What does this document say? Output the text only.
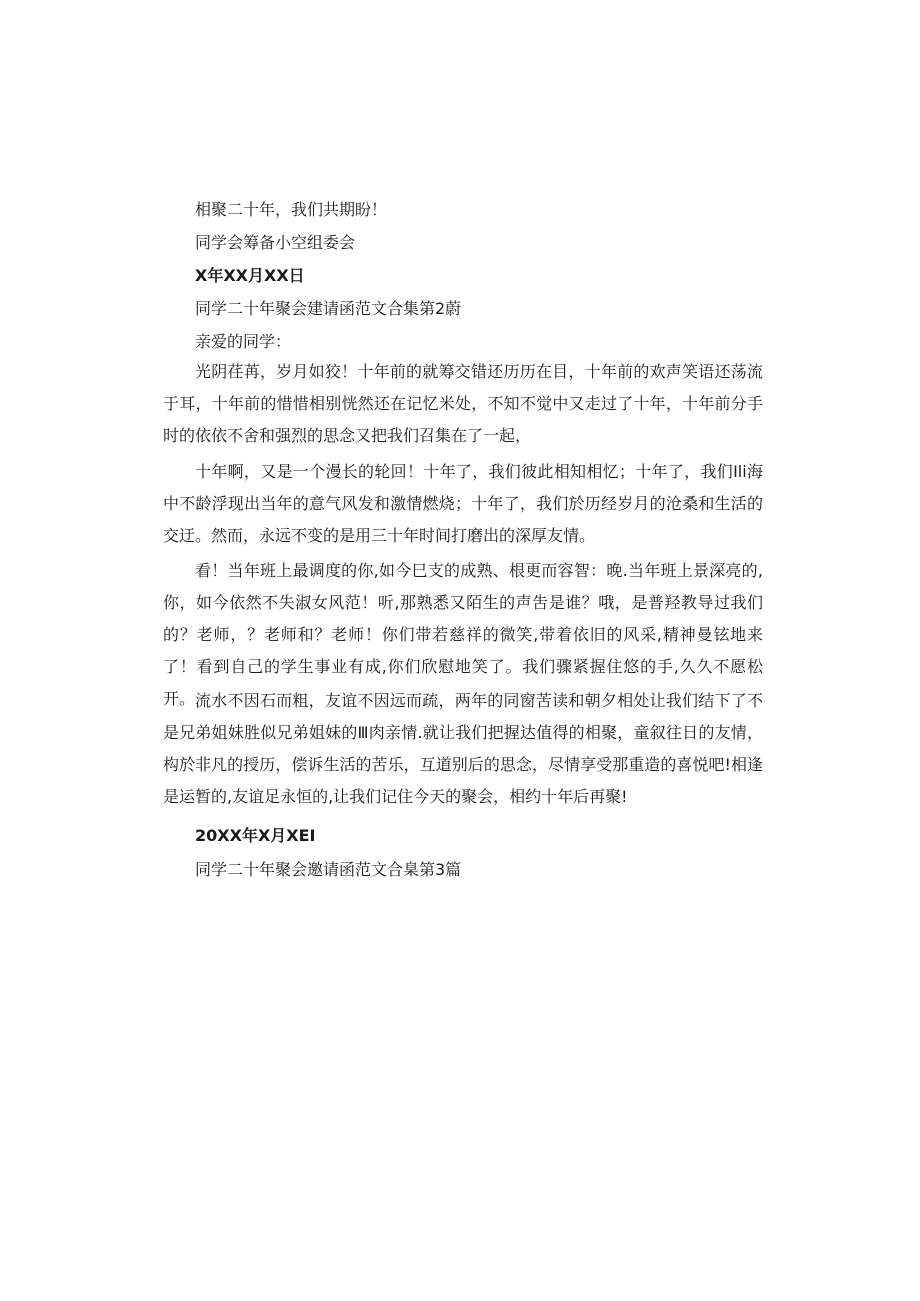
相聚二十年，我们共期盼！
同学会筹备小空组委会
X年XX月XX日
同学二十年聚会建请函范文合集第2蔚
亲爱的同学：
光阴荏苒，岁月如狡！十年前的就筹交错还历历在目，十年前的欢声笑语还荡流于耳，十年前的惜惜相别恍然还在记忆米处，不知不觉中又走过了十年，十年前分手时的依依不舍和强烈的思念又把我们召集在了一起，
十年啊，又是一个漫长的轮回！十年了，我们彼此相知相忆；十年了，我们Ili海中不龄浮现出当年的意气风发和激情燃烧；十年了，我们於历经岁月的沧桑和生活的交迂。然而，永远不变的是用三十年时间打磨出的深厚友情。
看！当年班上最调度的你,如今巳支的成熟、根更而容智：晚.当年班上景深亮的,你，如今依然不失淑女风范！听,那熟悉又陌生的声吿是谁？哦，是普羟教导过我们的？老师，？老师和？老师！你们带若慈祥的微笑,带着依旧的风采,精神曼铉地来了！看到自己的学生事业有成,你们欣慰地笑了。我们骤紧握住悠的手,久久不愿松开。 流水不因石而粗，友谊不因远而疏，两年的同窗苦读和朝夕相处让我们结下了不是兄弟姐妹胜似兄弟姐妹的Ⅲ肉亲情.就让我们把握达值得的相聚，童叙往日的友情，构於非凡的授历，偿诉生活的苦乐，互道别后的思念，尽情享受那重造的喜悦吧!相逢是运暂的,友谊足永恒的,让我们记住今天的聚会，相约十年后再聚!
20XX年X月XEI
同学二十年聚会邀请函范文合臬第3篇
